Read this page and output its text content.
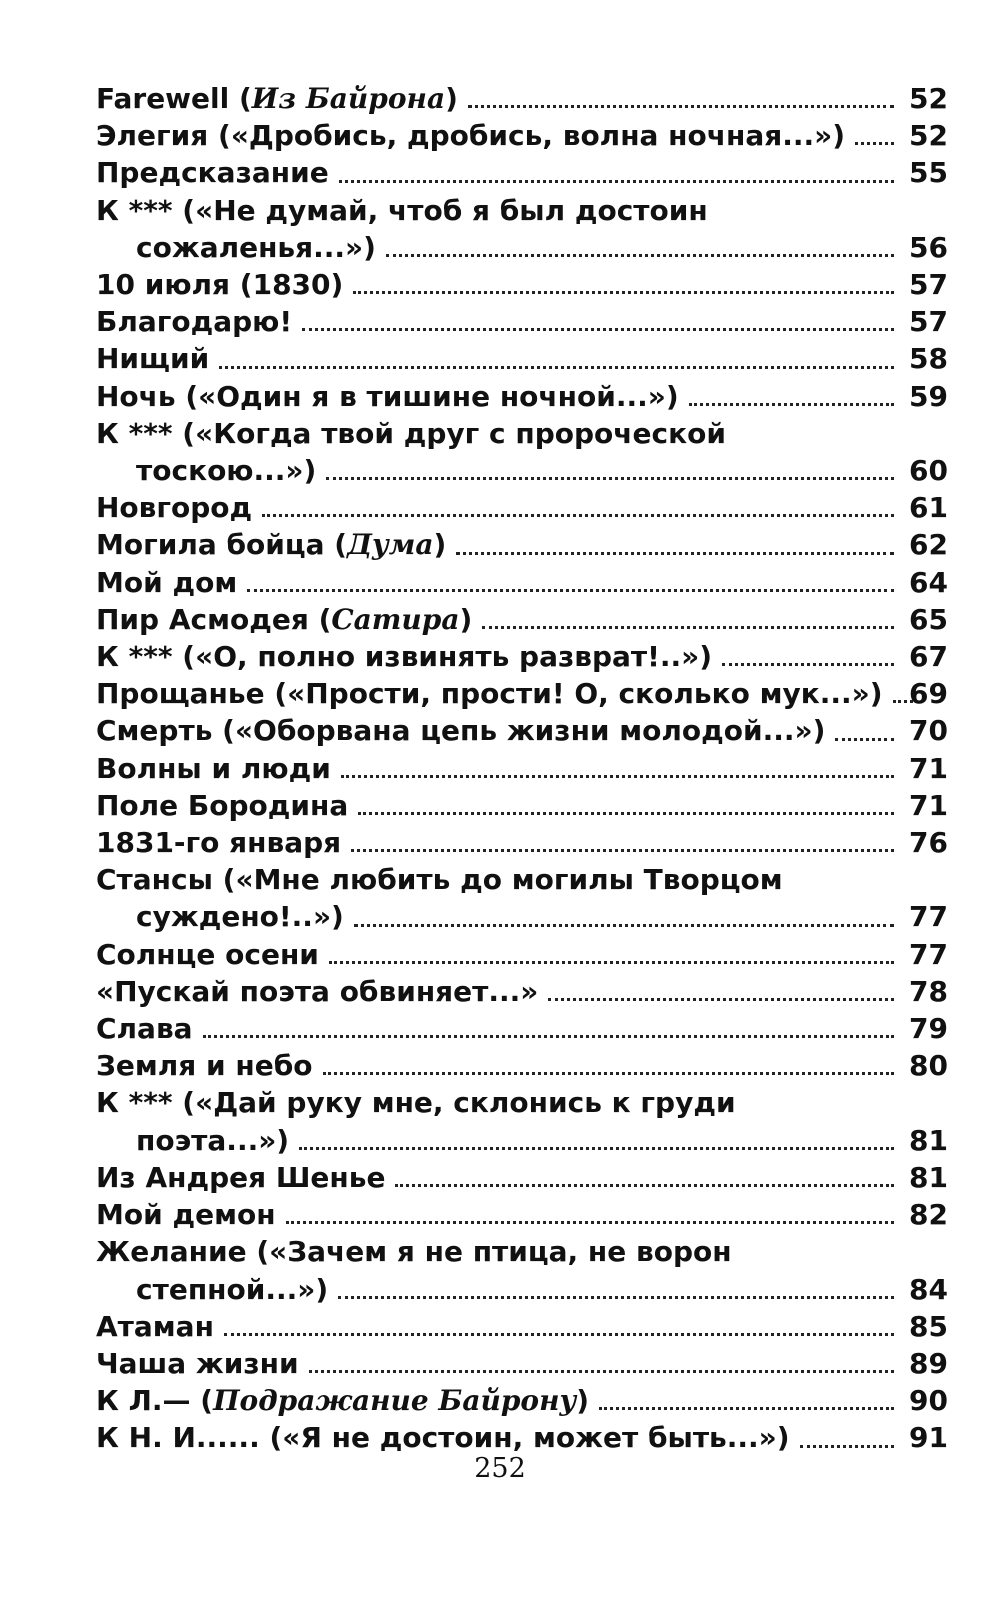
Farewell (Из Байрона)	52
Элегия («Дробись, дробись, волна ночная...») 52
Предсказание	55
К *** («Не думай, чтоб я был достоин
сожаленья...»)	56
10 июля (1830)	57
Благодарю!	57
Нищий	58
Ночь («Один я в тишине ночной...»)	59
К *** («Когда твой друг с пророческой
тоскою...»)	60
Новгород	61
Могила бойца (Дума)	62
Мой дом	64
Пир Асмодея (Сатира)	65
К *** («О, полно извинять разврат!..»)	67
Прощанье («Прости, прости! О, сколько мук...») 69
Смерть («Оборвана цепь жизни молодой...»)	70
Волны и люди	71
Поле Бородина	71
1831-го января	76
Стансы («Мне любить до могилы Творцом
суждено!..»)	77
Солнце осени	77
«Пускай поэта обвиняет...»	78
Слава	79
Земля и небо	80
К *** («Дай руку мне, склонись к груди
поэта...»)	81
Из Андрея Шенье	81
Мой демон	82
Желание («Зачем я не птица, не ворон
степной...»)	84
Атаман	85
Чаша жизни	89
К Л.— (Подражание Байрону)	90
К Н. И...... («Я не достоин, может быть...»)	91
252
